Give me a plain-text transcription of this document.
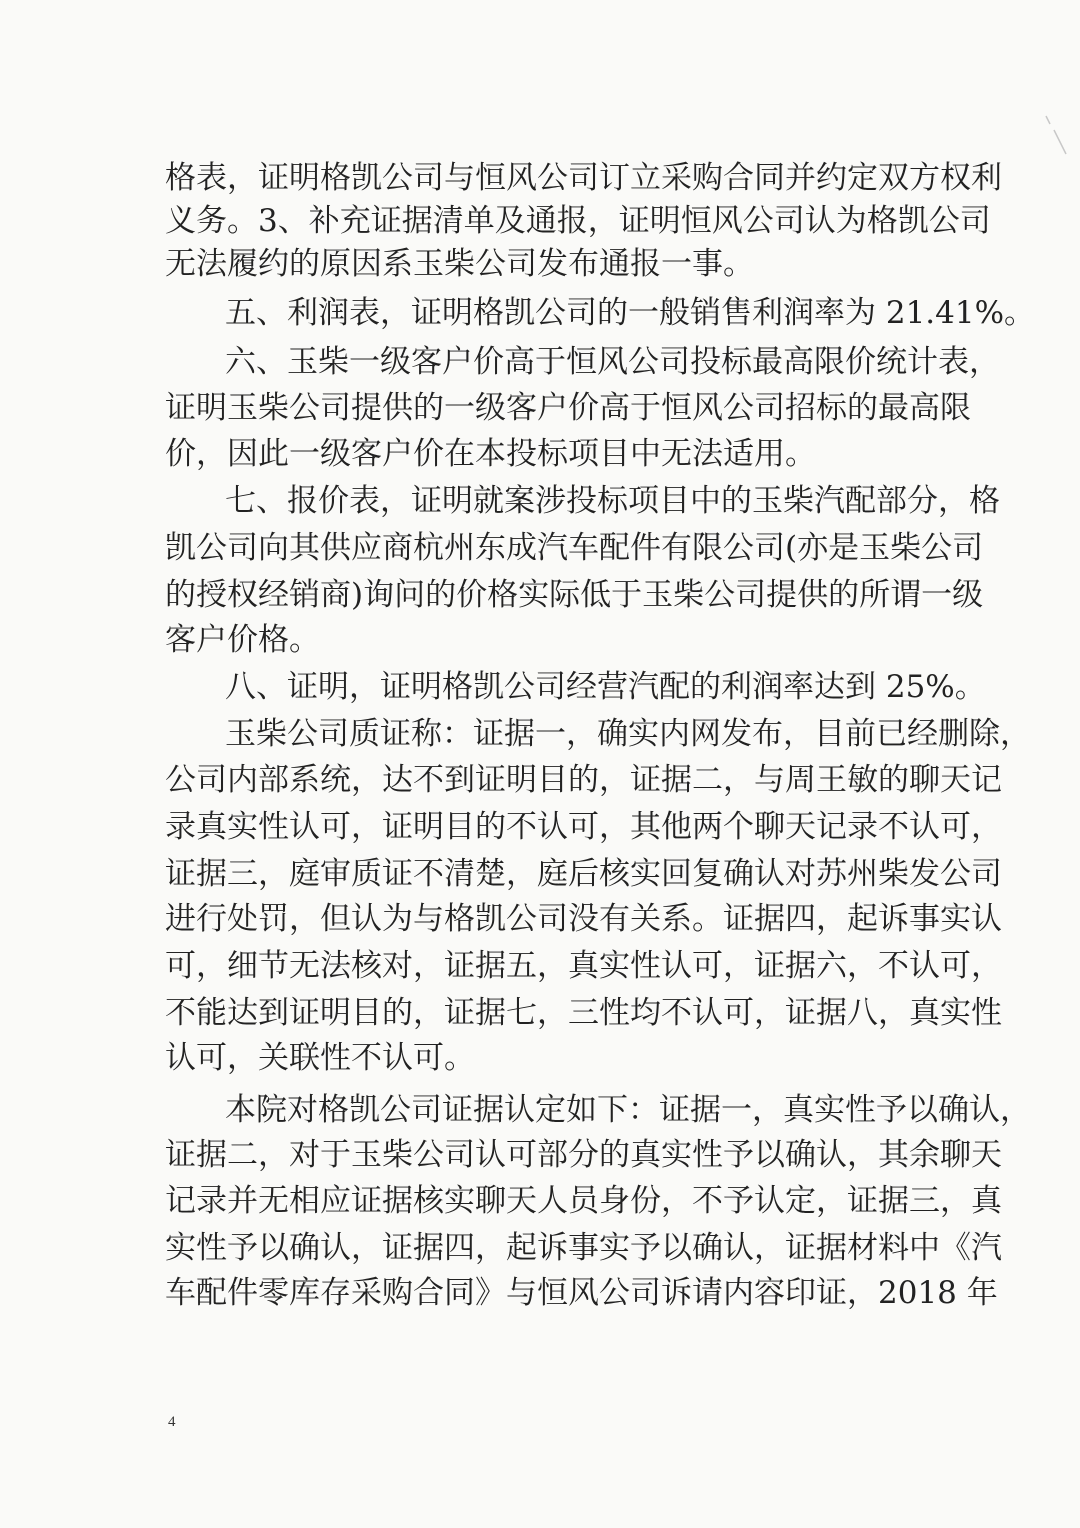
格表，证明格凯公司与恒风公司订立采购合同并约定双方权利
义务。3、补充证据清单及通报，证明恒风公司认为格凯公司
无法履约的原因系玉柴公司发布通报一事。
五、利润表，证明格凯公司的一般销售利润率为 21.41%。
六、玉柴一级客户价高于恒风公司投标最高限价统计表，
证明玉柴公司提供的一级客户价高于恒风公司招标的最高限
价，因此一级客户价在本投标项目中无法适用。
七、报价表，证明就案涉投标项目中的玉柴汽配部分，格
凯公司向其供应商杭州东成汽车配件有限公司(亦是玉柴公司
的授权经销商)询问的价格实际低于玉柴公司提供的所谓一级
客户价格。
八、证明，证明格凯公司经营汽配的利润率达到 25%。
玉柴公司质证称：证据一，确实内网发布，目前已经删除，
公司内部系统，达不到证明目的，证据二，与周王敏的聊天记
录真实性认可，证明目的不认可，其他两个聊天记录不认可，
证据三，庭审质证不清楚，庭后核实回复确认对苏州柴发公司
进行处罚，但认为与格凯公司没有关系。证据四，起诉事实认
可，细节无法核对，证据五，真实性认可，证据六，不认可，
不能达到证明目的，证据七，三性均不认可，证据八，真实性
认可，关联性不认可。
本院对格凯公司证据认定如下：证据一，真实性予以确认，
证据二，对于玉柴公司认可部分的真实性予以确认，其余聊天
记录并无相应证据核实聊天人员身份，不予认定，证据三，真
实性予以确认，证据四，起诉事实予以确认，证据材料中《汽
车配件零库存采购合同》与恒风公司诉请内容印证，2018 年
4
